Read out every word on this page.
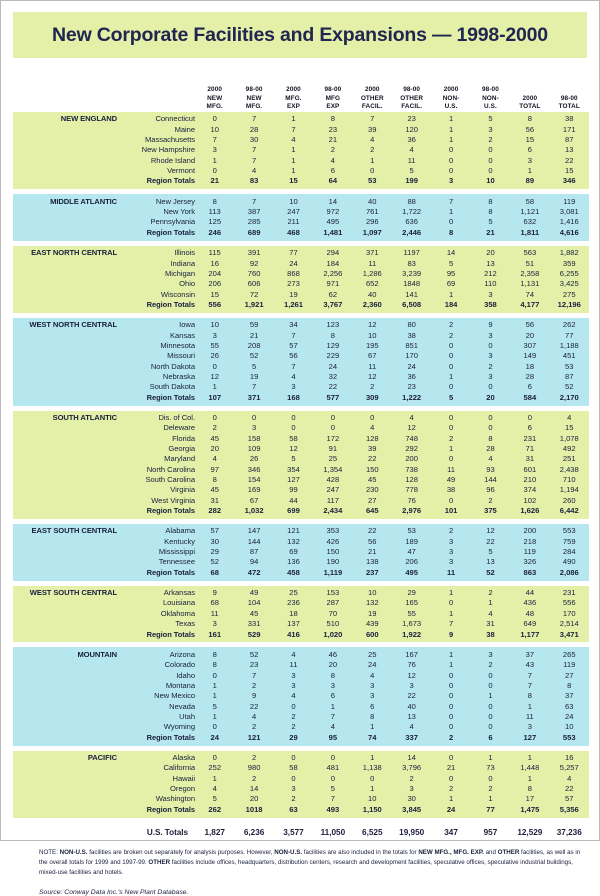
New Corporate Facilities and Expansions — 1998-2000

2000
NEW
MFG.

98-00
NEW
MFG.

2000
MFG.
EXP

98-00
MFG
EXP

2000
OTHER
FACIL.

98-00
OTHER
FACIL.

2000
NON-
U.S.

98-00
NON-
U.S.

2000
TOTAL

98-00
TOTAL

NEW ENGLAND	Connecticut	0	7	1	8	7	23	1	5	8	38
	Maine	10	28	7	23	39	120	1	3	56	171
	Massachusetts	7	30	4	21	4	36	1	2	15	87
	New Hampshire	3	7	1	2	2	4	0	0	6	13
	Rhode Island	1	7	1	4	1	11	0	0	3	22
	Vermont	0	4	1	6	0	5	0	0	1	15
	Region Totals	21	83	15	64	53	199	3	10	89	346

MIDDLE ATLANTIC	New Jersey	8	7	10	14	40	88	7	8	58	119
	New York	113	387	247	972	761	1,722	1	8	1,121	3,081
	Pennsylvania	125	285	211	495	296	636	0	5	632	1,416
	Region Totals	246	689	468	1,481	1,097	2,446	8	21	1,811	4,616

EAST NORTH CENTRAL	Illinois	115	391	77	294	371	1197	14	20	563	1,882
	Indiana	16	92	24	184	11	83	5	13	51	359
	Michigan	204	760	868	2,256	1,286	3,239	95	212	2,358	6,255
	Ohio	206	606	273	971	652	1848	69	110	1,131	3,425
	Wisconsin	15	72	19	62	40	141	1	3	74	275
	Region Totals	556	1,921	1,261	3,767	2,360	6,508	184	358	4,177	12,196

WEST NORTH CENTRAL	Iowa	10	59	34	123	12	80	2	9	56	262
	Kansas	3	21	7	8	10	38	2	3	20	77
	Minnesota	55	208	57	129	195	851	0	0	307	1,188
	Missouri	26	52	56	229	67	170	0	3	149	451
	North Dakota	0	5	7	24	11	24	0	2	18	53
	Nebraska	12	19	4	32	12	36	1	3	28	87
	South Dakota	1	7	3	22	2	23	0	0	6	52
	Region Totals	107	371	168	577	309	1,222	5	20	584	2,170

SOUTH ATLANTIC	Dis. of Col.	0	0	0	0	0	4	0	0	0	4
	Deleware	2	3	0	0	4	12	0	0	6	15
	Florida	45	158	58	172	128	748	2	8	231	1,078
	Georgia	20	109	12	91	39	292	1	28	71	492
	Maryland	4	26	5	25	22	200	0	4	31	251
	North Carolina	97	346	354	1,354	150	738	11	93	601	2,438
	South Carolina	8	154	127	428	45	128	49	144	210	710
	Virginia	45	169	99	247	230	778	38	96	374	1,194
	West Virginia	31	67	44	117	27	76	0	2	102	260
	Region Totals	282	1,032	699	2,434	645	2,976	101	375	1,626	6,442

EAST SOUTH CENTRAL	Alabama	57	147	121	353	22	53	2	12	200	553
	Kentucky	30	144	132	426	56	189	3	22	218	759
	Mississippi	29	87	69	150	21	47	3	5	119	284
	Tennessee	52	94	136	190	138	206	3	13	326	490
	Region Totals	68	472	458	1,119	237	495	11	52	863	2,086

WEST SOUTH CENTRAL	Arkansas	9	49	25	153	10	29	1	2	44	231
	Louisiana	68	104	236	287	132	165	0	1	436	556
	Oklahoma	11	45	18	70	19	55	1	4	48	170
	Texas	3	331	137	510	439	1,673	7	31	649	2,514
	Region Totals	161	529	416	1,020	600	1,922	9	38	1,177	3,471

MOUNTAIN	Arizona	8	52	4	46	25	167	1	3	37	265
	Colorado	8	23	11	20	24	76	1	2	43	119
	Idaho	0	7	3	8	4	12	0	0	7	27
	Montana	1	2	3	3	3	3	0	0	7	8
	New Mexico	1	9	4	6	3	22	0	1	8	37
	Nevada	5	22	0	1	6	40	0	0	1	63
	Utah	1	4	2	7	8	13	0	0	11	24
	Wyoming	0	2	2	4	1	4	0	0	3	10
	Region Totals	24	121	29	95	74	337	2	6	127	553

PACIFIC	Alaska	0	2	0	0	1	14	0	1	1	16
	California	252	980	58	481	1,138	3,796	21	73	1,448	5,257
	Hawaii	1	2	0	0	0	2	0	0	1	4
	Oregon	4	14	3	5	1	3	2	2	8	22
	Washington	5	20	2	7	10	30	1	1	17	57
	Region Totals	262	1018	63	493	1,150	3,845	24	77	1,475	5,356
	U.S. Totals	1,827	6,236	3,577	11,050	6,525	19,950	347	957	12,529	37,236
NOTE: NON-U.S. facilities are broken out separately for analysis purposes. However, NON-U.S. facilities are also included in the totals for NEW MFG., MFG. EXP. and OTHER facilities, as well as in the overall totals for 1999 and 1997-99. OTHER facilities include offices, headquarters, distribution centers, research and development facilities, speculative offices, speculative industrial buildings, mixed-use facilities and hotels.
Source: Conway Data Inc.'s New Plant Database.
